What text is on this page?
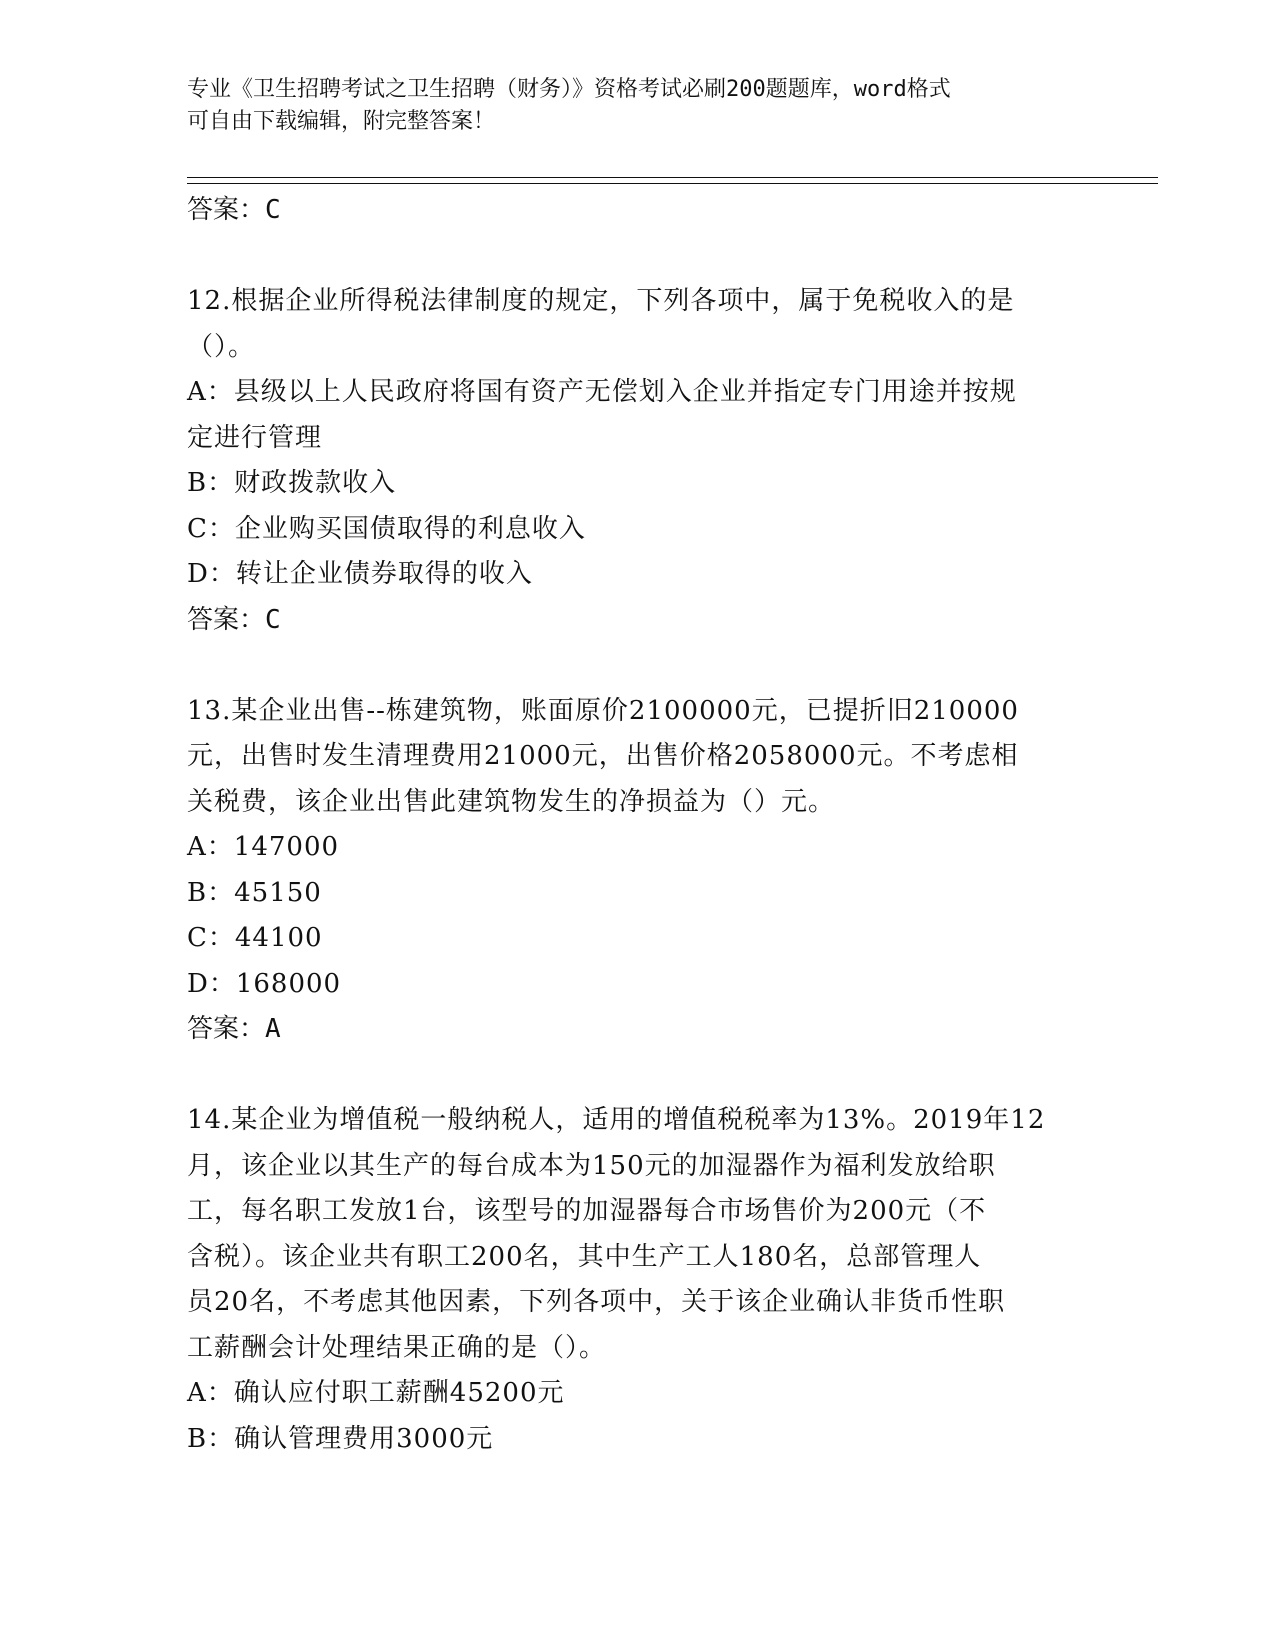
专业《卫生招聘考试之卫生招聘（财务）》资格考试必刷200题题库，word格式
可自由下载编辑，附完整答案！
答案：C
12.根据企业所得税法律制度的规定，下列各项中，属于免税收入的是
（）。
A：县级以上人民政府将国有资产无偿划入企业并指定专门用途并按规
定进行管理
B：财政拨款收入
C：企业购买国债取得的利息收入
D：转让企业债券取得的收入
答案：C
13.某企业出售--栋建筑物，账面原价2100000元，已提折旧210000
元，出售时发生清理费用21000元，出售价格2058000元。不考虑相
关税费，该企业出售此建筑物发生的净损益为（）元。
A：147000
B：45150
C：44100
D：168000
答案：A
14.某企业为增值税一般纳税人，适用的增值税税率为13%。2019年12
月，该企业以其生产的每台成本为150元的加湿器作为福利发放给职
工，每名职工发放1台，该型号的加湿器每合市场售价为200元（不
含税）。该企业共有职工200名，其中生产工人180名，总部管理人
员20名，不考虑其他因素，下列各项中，关于该企业确认非货币性职
工薪酬会计处理结果正确的是（）。
A：确认应付职工薪酬45200元
B：确认管理费用3000元
